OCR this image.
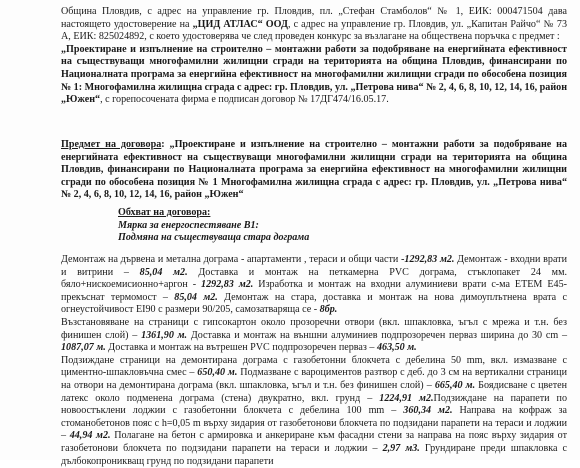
Община Пловдив, с адрес на управление гр. Пловдив, пл. „Стефан Стамболов“ № 1, ЕИК: 000471504 дава настоящето удостоверение на „ЦИД АТЛАС“ ООД, с адрес на управление гр. Пловдив, ул. „Капитан Райчо“ № 73 А, ЕИК: 825024892, с което удостоверява че след проведен конкурс за възлагане на обществена поръчка с предмет :

„Проектиране и изпълнение на строително – монтажни работи за подобряване на енергийната ефективност на съществуващи многофамилни жилищни сгради на територията на община Пловдив, финансирани по Националната програма за енергийна ефективност на многофамилни жилищни сгради по обособена позиция № 1: Многофамилна жилищна сграда с адрес: гр. Пловдив, ул. „Петрова нива“ № 2, 4, 6, 8, 10, 12, 14, 16, район „Южен“, с горепосочената фирма е подписан договор № 17ДГ474/16.05.17.

Предмет на договора: „Проектиране и изпълнение на строително – монтажни работи за подобряване на енергийната ефективност на съществуващи многофамилни жилищни сгради на територията на община Пловдив, финансирани по Националната програма за енергийна ефективност на многофамилни жилищни сгради по обособена позиция № 1 Многофамилна жилищна сграда с адрес: гр. Пловдив, ул. „Петрова нива“ № 2, 4, 6, 8, 10, 12, 14, 16, район „Южен“

Обхват на договора:

Мярка за енергоспестяване В1:

Подмяна на съществуваща стара дограма

Демонтаж на дървена и метална дограма - апартаменти , тераси и общи части -1292,83 м2. Демонтаж - входни врати и витрини – 85,04 м2. Доставка и монтаж на петкамерна PVC дограма, стъклопакет 24 мм. бяло+нискоемисионно+аргон - 1292,83 м2. Изработка и монтаж на входни алуминиеви врати с-ма ETEM E45-прекъснат термомост – 85,04 м2. Демонтаж на стара, доставка и монтаж на нова димоуплътнена врата с огнеустойчивост EI90 с размери 90/205, самозатваряща се - 8бр.

Възстановяване на страници с гипсокартон около прозоречни отвори (вкл. шпакловка, ъгъл с мрежа и т.н. без финишен слой) – 1361,90 м. Доставка и монтаж на външни алуминиев подпрозоречен перваз ширина до 30 cm – 1087,07 м. Доставка и монтаж на вътрешен PVC подпрозоречен перваз – 463,50 м.

Подзиждане страници на демонтирана дограма с газобетонни блокчета с дебелина 50 mm, вкл. измазване с циментно-шпакловъчна смес – 650,40 м. Подмазване с вароциментов разтвор с деб. до 3 см на вертикални страници на отвори на демонтирана дограма (вкл. шпакловка, ъгъл и т.н. без финишен слой) – 665,40 м. Боядисване с цветен латекс около подменена дограма (стена) двукратно, вкл. грунд – 1224,91 м2.Подзиждане на парапети по новоостъклени лоджии с газобетонни блокчета с дебелина 100 mm – 360,34 м2. Направа на кофраж за стоманобетонов пояс с h=0,05 m върху зидария от газобетонови блокчета по подзидани парапети на тераси и лоджии – 44,94 м2. Полагане на бетон с армировка и анкериране към фасадни стени за направа на пояс върху зидария от газобетонови блокчета по подзидани парапети на тераси и лоджии – 2,97 м3. Грундиране преди шпакловка с дълбокопроникващ грунд по подзидани парапети
